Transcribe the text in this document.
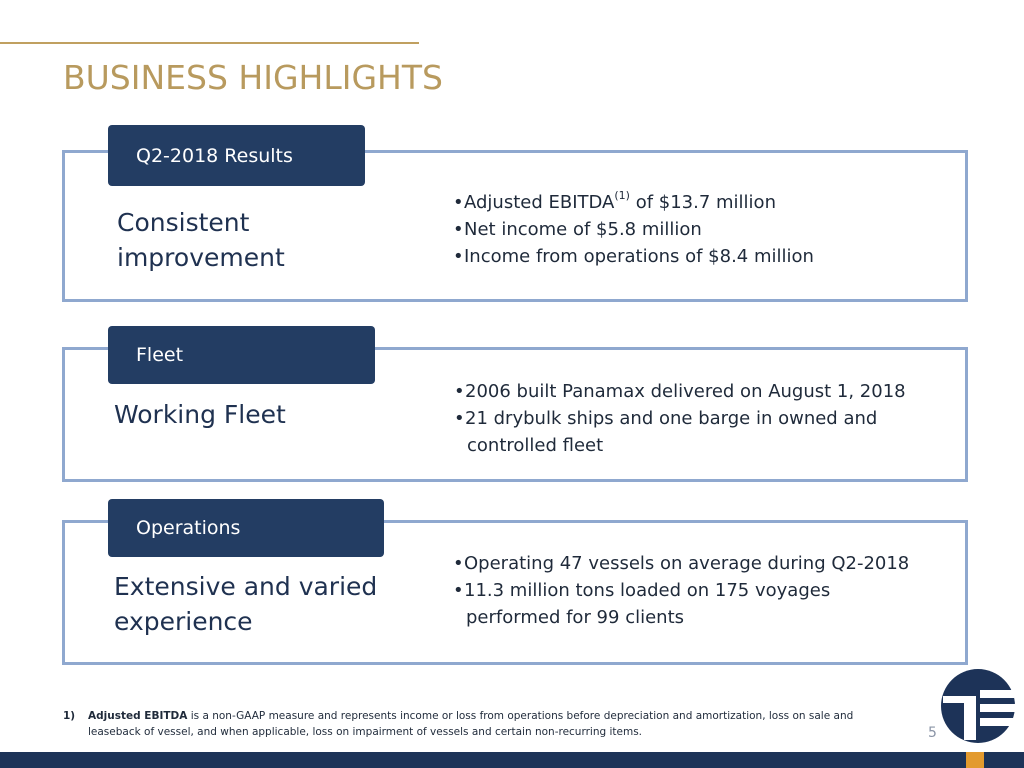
BUSINESS HIGHLIGHTS
Q2-2018 Results
Consistent
improvement
•Adjusted EBITDA$^{(1)}$ of $13.7 million
•Net income of $5.8 million
•Income from operations of $8.4 million
Fleet
Working Fleet
•2006 built Panamax delivered on August 1, 2018
•21 drybulk ships and one barge in owned and
controlled fleet
Operations
Extensive and varied
experience
•Operating 47 vessels on average during Q2-2018
•11.3 million tons loaded on 175 voyages
performed for 99 clients
1) Adjusted EBITDA is a non-GAAP measure and represents income or loss from operations before depreciation and amortization, loss on sale and
leaseback of vessel, and when applicable, loss on impairment of vessels and certain non-recurring items.	5
